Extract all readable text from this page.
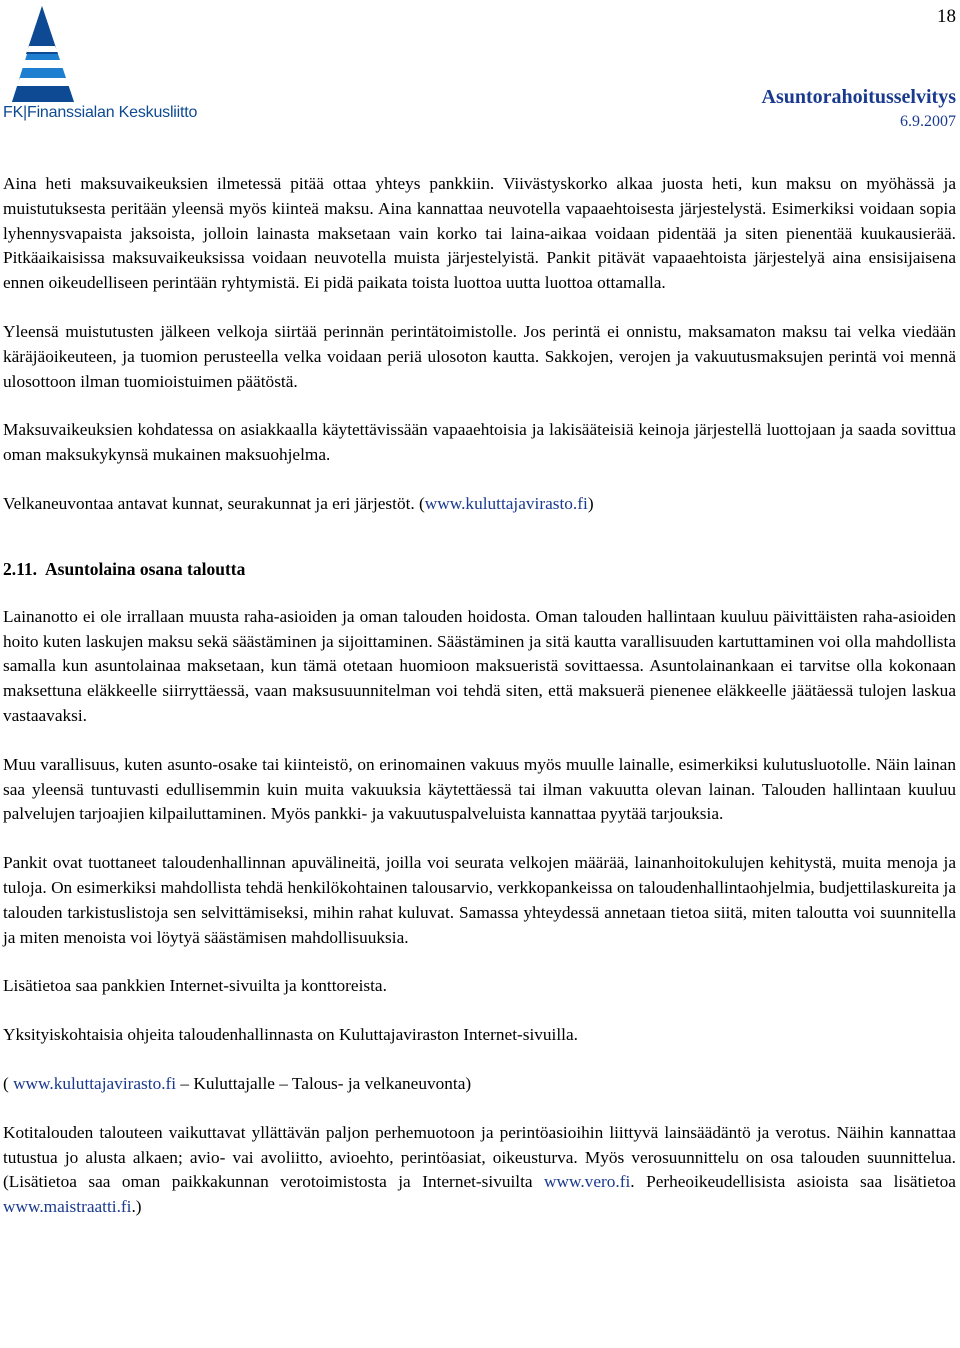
FK|Finanssialan Keskusliitto
18
Asuntorahoitusselvitys
6.9.2007

Aina heti maksuvaikeuksien ilmetessä pitää ottaa yhteys pankkiin. Viivästyskorko alkaa juosta heti, kun maksu on myöhässä ja muistutuksesta peritään yleensä myös kiinteä maksu. Aina kannattaa neuvotella vapaaehtoisesta järjestelystä. Esimerkiksi voidaan sopia lyhennysvapaista jaksoista, jolloin lainasta maksetaan vain korko tai laina-aikaa voidaan pidentää ja siten pienentää kuukausierää. Pitkäaikaisissa maksuvaikeuksissa voidaan neuvotella muista järjestelyistä. Pankit pitävät vapaaehtoista järjestelyä aina ensisijaisena ennen oikeudelliseen perintään ryhtymistä. Ei pidä paikata toista luottoa uutta luottoa ottamalla.

Yleensä muistutusten jälkeen velkoja siirtää perinnän perintätoimistolle. Jos perintä ei onnistu, maksamaton maksu tai velka viedään käräjäoikeuteen, ja tuomion perusteella velka voidaan periä ulosoton kautta. Sakkojen, verojen ja vakuutusmaksujen perintä voi mennä ulosottoon ilman tuomioistuimen päätöstä.

Maksuvaikeuksien kohdatessa on asiakkaalla käytettävissään vapaaehtoisia ja lakisääteisiä keinoja järjestellä luottojaan ja saada sovittua oman maksukykynsä mukainen maksuohjelma.

Velkaneuvontaa antavat kunnat, seurakunnat ja eri järjestöt. (www.kuluttajavirasto.fi)

2.11. Asuntolaina osana taloutta

Lainanotto ei ole irrallaan muusta raha-asioiden ja oman talouden hoidosta. Oman talouden hallintaan kuuluu päivittäisten raha-asioiden hoito kuten laskujen maksu sekä säästäminen ja sijoittaminen. Säästäminen ja sitä kautta varallisuuden kartuttaminen voi olla mahdollista samalla kun asuntolainaa maksetaan, kun tämä otetaan huomioon maksueristä sovittaessa. Asuntolainankaan ei tarvitse olla kokonaan maksettuna eläkkeelle siirryttäessä, vaan maksusuunnitelman voi tehdä siten, että maksuerä pienenee eläkkeelle jäätäessä tulojen laskua vastaavaksi.

Muu varallisuus, kuten asunto-osake tai kiinteistö, on erinomainen vakuus myös muulle lainalle, esimerkiksi kulutusluotolle. Näin lainan saa yleensä tuntuvasti edullisemmin kuin muita vakuuksia käytettäessä tai ilman vakuutta olevan lainan. Talouden hallintaan kuuluu palvelujen tarjoajien kilpailuttaminen. Myös pankki- ja vakuutuspalveluista kannattaa pyytää tarjouksia.

Pankit ovat tuottaneet taloudenhallinnan apuvälineitä, joilla voi seurata velkojen määrää, lainanhoitokulujen kehitystä, muita menoja ja tuloja. On esimerkiksi mahdollista tehdä henkilökohtainen talousarvio, verkkopankeissa on taloudenhallintaohjelmia, budjettilaskureita ja talouden tarkistuslistoja sen selvittämiseksi, mihin rahat kuluvat. Samassa yhteydessä annetaan tietoa siitä, miten taloutta voi suunnitella ja miten menoista voi löytyä säästämisen mahdollisuuksia.

Lisätietoa saa pankkien Internet-sivuilta ja konttoreista.

Yksityiskohtaisia ohjeita taloudenhallinnasta on Kuluttajaviraston Internet-sivuilla.

( www.kuluttajavirasto.fi – Kuluttajalle – Talous- ja velkaneuvonta)

Kotitalouden talouteen vaikuttavat yllättävän paljon perhemuotoon ja perintöasioihin liittyvä lainsäädäntö ja verotus. Näihin kannattaa tutustua jo alusta alkaen; avio- vai avoliitto, avioehto, perintöasiat, oikeusturva. Myös verosuunnittelu on osa talouden suunnittelua. (Lisätietoa saa oman paikkakunnan verotoimistosta ja Internet-sivuilta www.vero.fi. Perheoikeudellisista asioista saa lisätietoa www.maistraatti.fi.)
